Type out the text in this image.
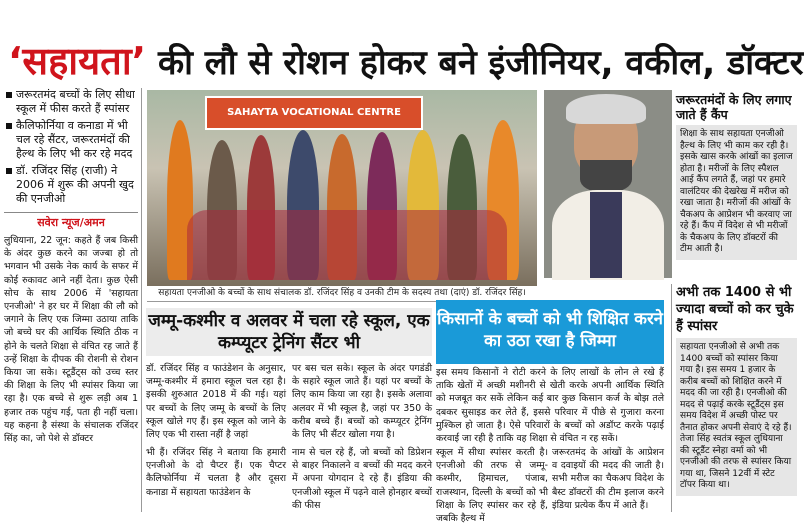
‘सहायता’ की लौ से रोशन होकर बने इंजीनियर, वकील, डॉक्टर
जरूरतमंद बच्चों के लिए सीधा स्कूल में फीस करते हैं स्पांसर
कैलिफोर्निया व कनाडा में भी चल रहे सैंटर, जरूरतमंदों की हैल्थ के लिए भी कर रहे मदद
डॉ. रजिंदर सिंह (राजी) ने 2006 में शुरू की अपनी खुद की एनजीओ
सवेरा न्यूज/अमन
लुधियाना, 22 जून: कहते हैं जब किसी के अंदर कुछ करने का जज्बा हो तो भगवान भी उसके नेक कार्य के सफर में कोई रुकावट आने नहीं देता। कुछ ऐसी सोच के साथ 2006 में 'सहायता एनजीओ' ने हर घर में शिक्षा की लौ को जगाने के लिए एक जिम्मा उठाया ताकि जो बच्चे घर की आर्थिक स्थिति ठीक न होने के चलते शिक्षा से वंचित रह जाते हैं उन्हें शिक्षा के दीपक की रोशनी से रोशन किया जा सके। स्टूडैंट्स को उच्च स्तर की शिक्षा के लिए भी स्पांसर किया जा रहा है। एक बच्चे से शुरू लड़ी अब 1 हजार तक पहुंच गई, पता ही नहीं चला। यह कहना है संस्था के संचालक रजिंदर सिंह का, जो पेशे से डॉक्टर
SAHAYTA VOCATIONAL CENTRE
सहायता एनजीओ के बच्चों के साथ संचालक डॉ. रजिंदर सिंह व उनकी टीम के सदस्य तथा (दाएं) डॉ. रजिंदर सिंह।
जरूरतमंदों के लिए लगाए जाते हैं कैंप
शिक्षा के साथ सहायता एनजीओ हैल्थ के लिए भी काम कर रही है। इसके खास करके आंखों का इलाज होता है। मरीजों के लिए स्पैशल आई कैंप लगते हैं, जहां पर हमारे वालंटियर की देखरेख में मरीज को रखा जाता है। मरीजों की आंखों के चैकअप के आप्रेशन भी करवाए जा रहे हैं। कैंप में विदेश से भी मरीजों के चैकअप के लिए डॉक्टरों की टीम आती है।
जम्मू-कश्मीर व अलवर में चला रहे स्कूल, एक कम्प्यूटर ट्रेनिंग सैंटर भी
डॉ. रजिंदर सिंह व फाउंडेशन के अनुसार, जम्मू-कश्मीर में हमारा स्कूल चल रहा है। इसकी शुरुआत 2018 में की गई। यहां पर बच्चों के लिए जम्मू के बच्चों के लिए स्कूल खोले गए हैं। इस स्कूल को जाने के लिए एक भी रास्ता नहीं है जहां
पर बस चल सके। स्कूल के अंदर पगडंडी के सहारे स्कूल जाते हैं। यहां पर बच्चों के लिए काम किया जा रहा है। इसके अलावा अलवर में भी स्कूल है, जहां पर 350 के करीब बच्चे हैं। बच्चों को कम्प्यूटर ट्रेनिंग के लिए भी सैंटर खोला गया है।
भी हैं। रजिंदर सिंह ने बताया कि हमारी एनजीओ के दो चैप्टर हैं। एक चैप्टर कैलिफोर्निया में चलता है और दूसरा कनाडा में सहायता फाउंडेशन के
नाम से चल रहे हैं, जो बच्चों को डिप्रेशन से बाहर निकालने व बच्चों की मदद करने में अपना योगदान दे रहे हैं। इंडिया की एनजीओ स्कूल में पढ़ने वाले होनहार बच्चों की फीस
किसानों के बच्चों को भी शिक्षित करने का उठा रखा है जिम्मा
इस समय किसानों ने रोटी करने के लिए लाखों के लोन ले रखे हैं ताकि खेतों में अच्छी मशीनरी से खेती करके अपनी आर्थिक स्थिति को मजबूत कर सकें लेकिन कई बार कुछ किसान कर्ज के बोझ तले दबकर सुसाइड कर लेते हैं, इससे परिवार में पीछे से गुजारा करना मुश्किल हो जाता है। ऐसे परिवारों के बच्चों को अडॉप्ट करके पढ़ाई करवाई जा रही है ताकि वह शिक्षा से वंचित न रह सकें।
स्कूल में सीधा स्पांसर करती है। एनजीओ की तरफ से जम्मू-कश्मीर, हिमाचल, पंजाब, राजस्थान, दिल्ली के बच्चों को भी शिक्षा के लिए स्पांसर कर रहे हैं, जबकि हैल्थ में
जरूरतमंद के आंखों के आप्रेशन व दवाइयों की मदद की जाती है। सभी मरीज का चैकअप विदेश के बैस्ट डॉक्टरों की टीम इलाज करने इंडिया प्रत्येक कैंप में आते हैं।
अभी तक 1400 से भी ज्यादा बच्चों को कर चुके हैं स्पांसर
सहायता एनजीओ से अभी तक 1400 बच्चों को स्पांसर किया गया है। इस समय 1 हजार के करीब बच्चों को शिक्षित करने में मदद की जा रही है। एनजीओ की मदद से पढ़ाई करके स्टूडैंट्स इस समय विदेश में अच्छी पोस्ट पर तैनात होकर अपनी सेवाएं दे रहे हैं। तेजा सिंह स्वतंत्र स्कूल लुधियाना की स्टूडैंट स्नेहा वर्मा को भी एनजीओ की तरफ से स्पांसर किया गया था, जिसने 12वीं में स्टेट टॉपर किया था।
